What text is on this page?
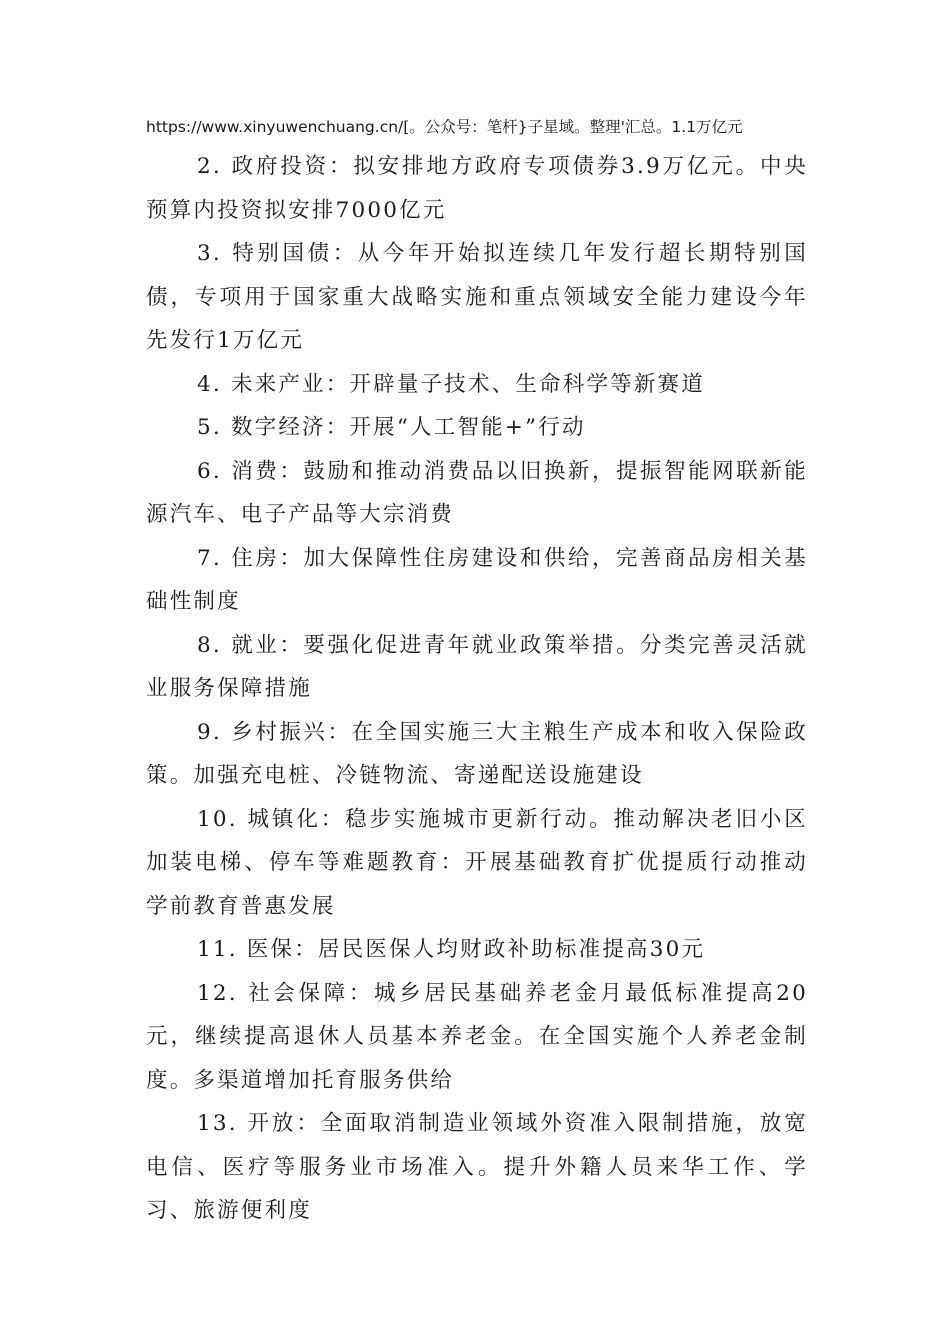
https://www.xinyuwenchuang.cn/[。公众号：笔杆}子星域。整理'汇总。1.1万亿元

2. 政府投资：拟安排地方政府专项债券3.9万亿元。中央预算内投资拟安排7000亿元

3. 特别国债：从今年开始拟连续几年发行超长期特别国债，专项用于国家重大战略实施和重点领域安全能力建设今年先发行1万亿元

4. 未来产业：开辟量子技术、生命科学等新赛道

5. 数字经济：开展“人工智能+”行动

6. 消费：鼓励和推动消费品以旧换新，提振智能网联新能源汽车、电子产品等大宗消费

7. 住房：加大保障性住房建设和供给，完善商品房相关基础性制度

8. 就业：要强化促进青年就业政策举措。分类完善灵活就业服务保障措施

9. 乡村振兴：在全国实施三大主粮生产成本和收入保险政策。加强充电桩、冷链物流、寄递配送设施建设

10. 城镇化：稳步实施城市更新行动。推动解决老旧小区加装电梯、停车等难题教育：开展基础教育扩优提质行动推动学前教育普惠发展

11. 医保：居民医保人均财政补助标准提高30元

12. 社会保障：城乡居民基础养老金月最低标准提高20元，继续提高退休人员基本养老金。在全国实施个人养老金制度。多渠道增加托育服务供给

13. 开放：全面取消制造业领域外资准入限制措施，放宽电信、医疗等服务业市场准入。提升外籍人员来华工作、学习、旅游便利度
